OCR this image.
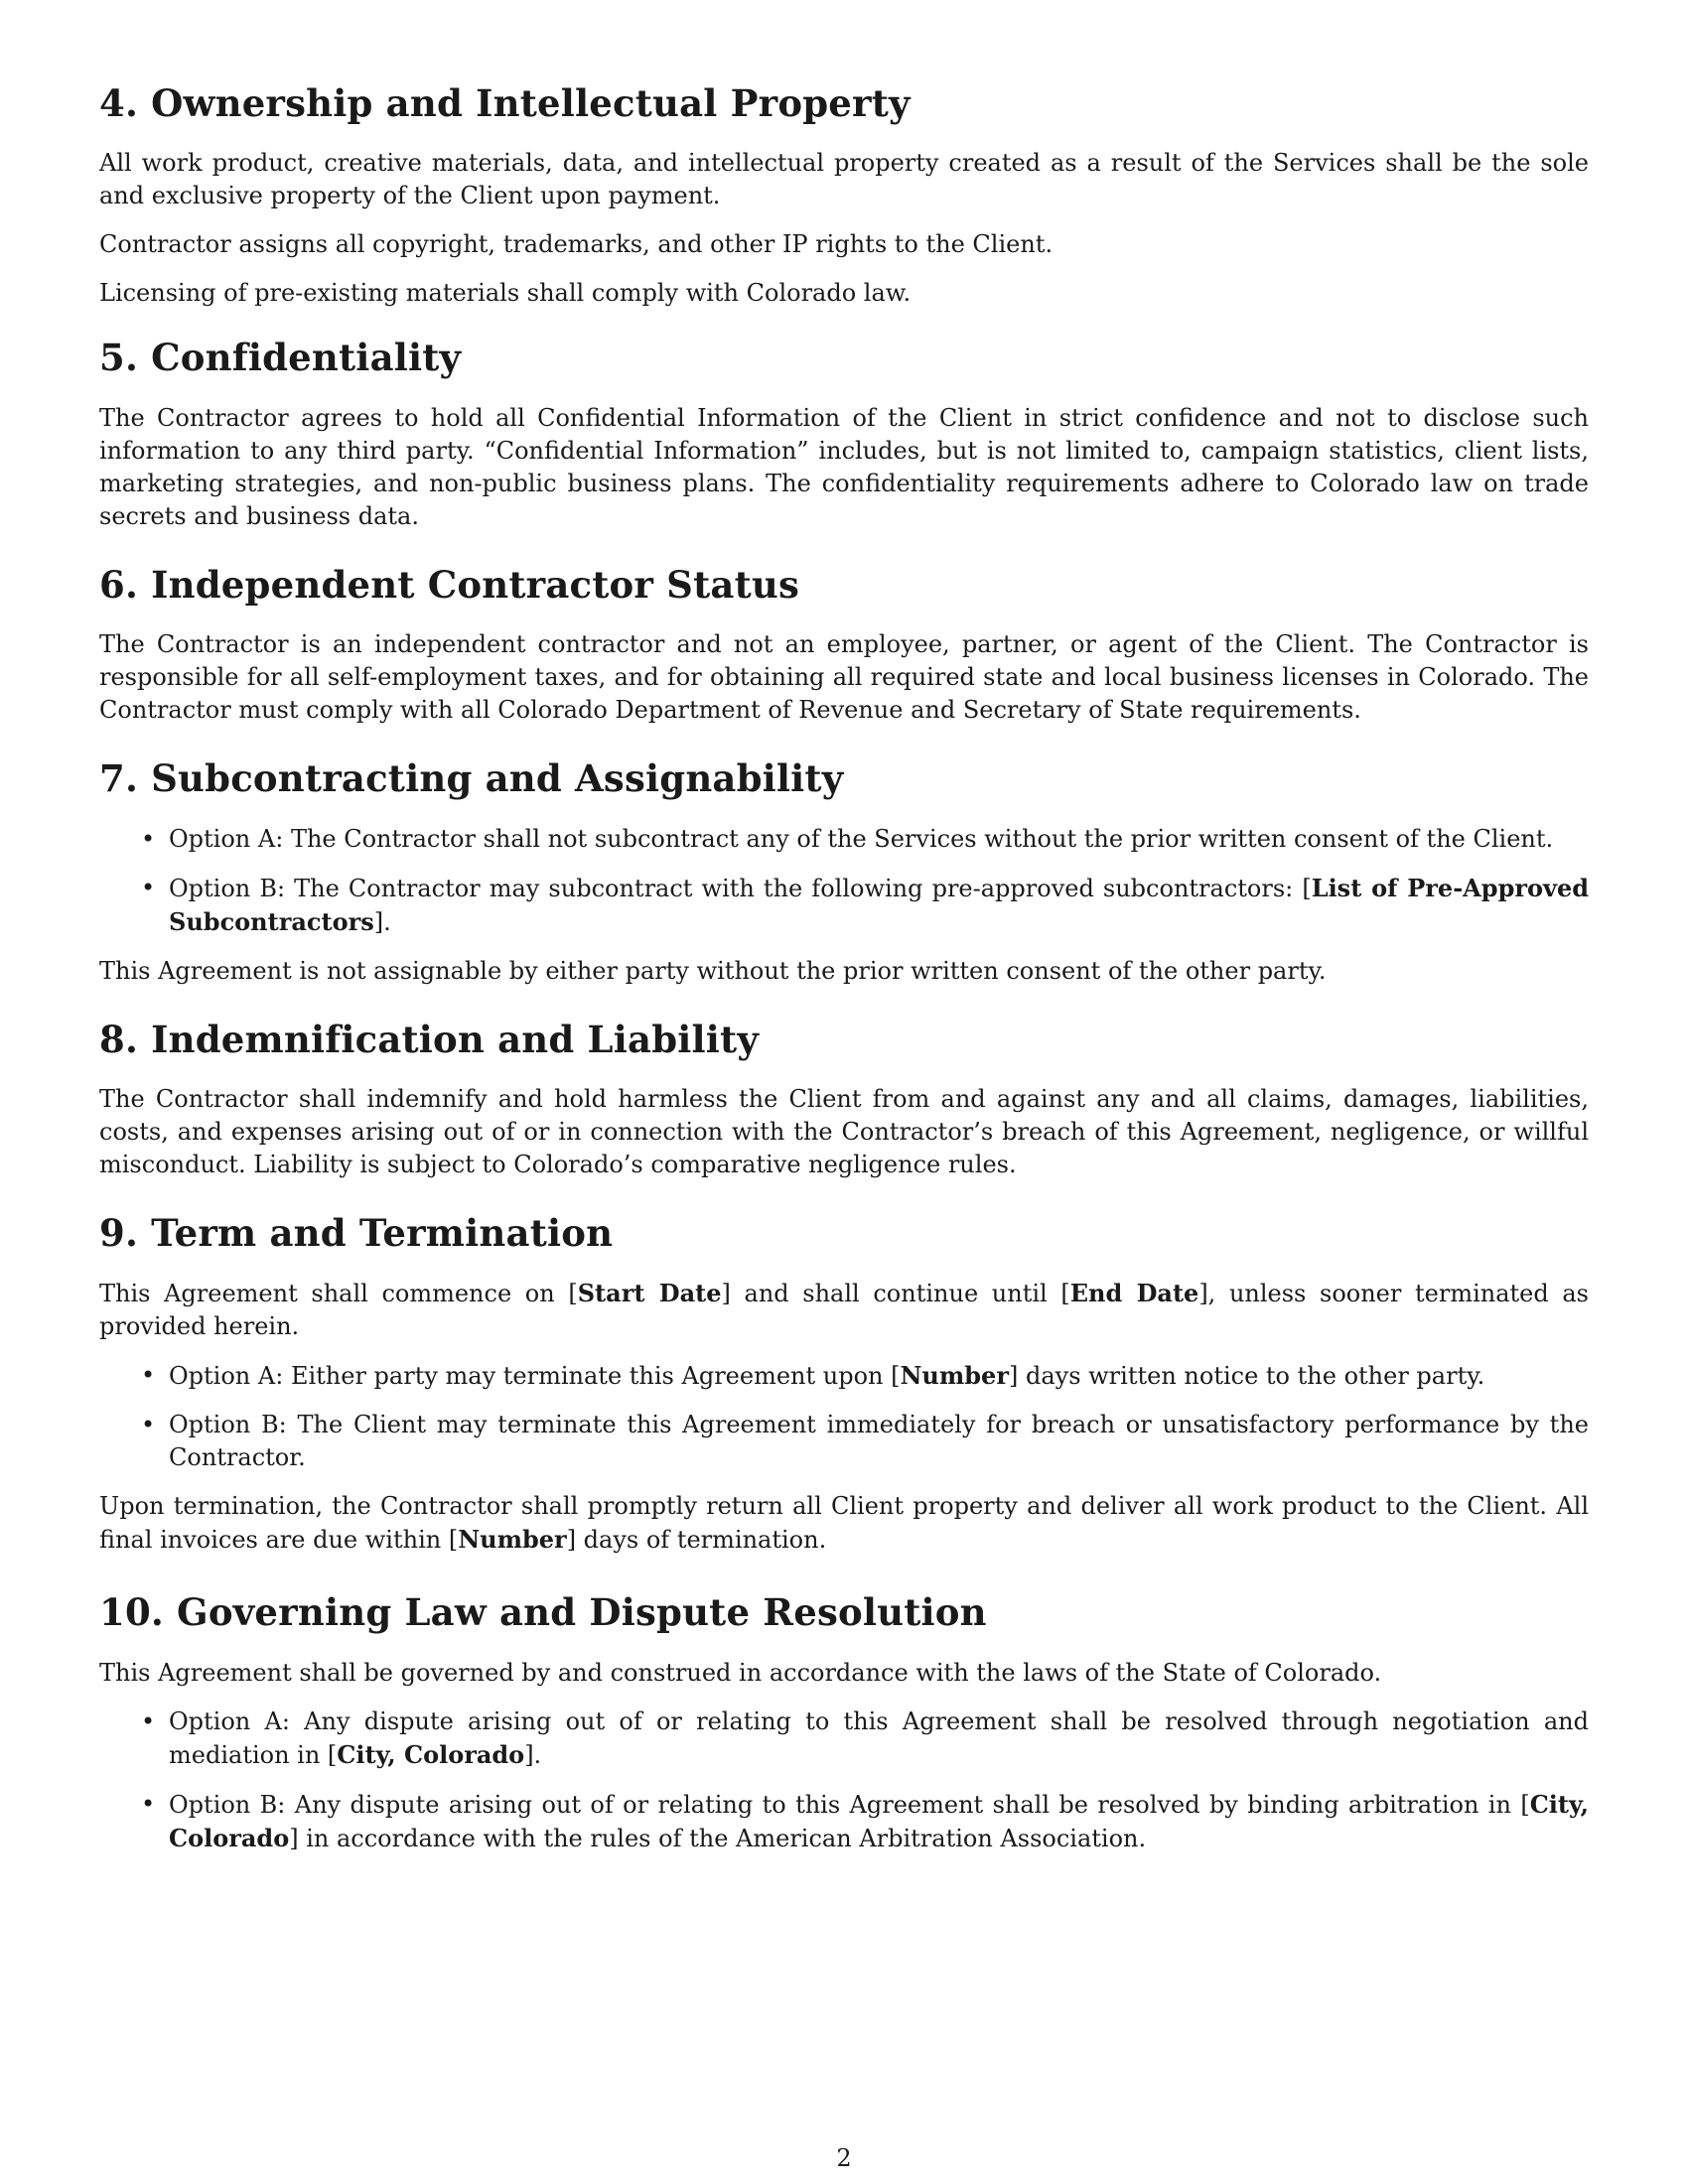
4. Ownership and Intellectual Property

All work product, creative materials, data, and intellectual property created as a result of the Services shall be the sole and exclusive property of the Client upon payment.

Contractor assigns all copyright, trademarks, and other IP rights to the Client.

Licensing of pre-existing materials shall comply with Colorado law.

5. Confidentiality

The Contractor agrees to hold all Confidential Information of the Client in strict confidence and not to disclose such information to any third party. “Confidential Information” includes, but is not limited to, campaign statistics, client lists, marketing strategies, and non-public business plans. The confidentiality requirements adhere to Colorado law on trade secrets and business data.

6. Independent Contractor Status

The Contractor is an independent contractor and not an employee, partner, or agent of the Client. The Contractor is responsible for all self-employment taxes, and for obtaining all required state and local business licenses in Colorado. The Contractor must comply with all Colorado Department of Revenue and Secretary of State requirements.

7. Subcontracting and Assignability
• Option A: The Contractor shall not subcontract any of the Services without the prior written consent of the Client.
• Option B: The Contractor may subcontract with the following pre-approved subcontractors: [List of Pre-Approved Subcontractors].

This Agreement is not assignable by either party without the prior written consent of the other party.

8. Indemnification and Liability

The Contractor shall indemnify and hold harmless the Client from and against any and all claims, damages, liabilities, costs, and expenses arising out of or in connection with the Contractor’s breach of this Agreement, negligence, or willful misconduct. Liability is subject to Colorado’s comparative negligence rules.

9. Term and Termination

This Agreement shall commence on [Start Date] and shall continue until [End Date], unless sooner terminated as provided herein.

• Option A: Either party may terminate this Agreement upon [Number] days written notice to the other party.
• Option B: The Client may terminate this Agreement immediately for breach or unsatisfactory performance by the Contractor.

Upon termination, the Contractor shall promptly return all Client property and deliver all work product to the Client. All final invoices are due within [Number] days of termination.

10. Governing Law and Dispute Resolution

This Agreement shall be governed by and construed in accordance with the laws of the State of Colorado.

• Option A: Any dispute arising out of or relating to this Agreement shall be resolved through negotiation and mediation in [City, Colorado].
• Option B: Any dispute arising out of or relating to this Agreement shall be resolved by binding arbitration in [City, Colorado] in accordance with the rules of the American Arbitration Association.
2
